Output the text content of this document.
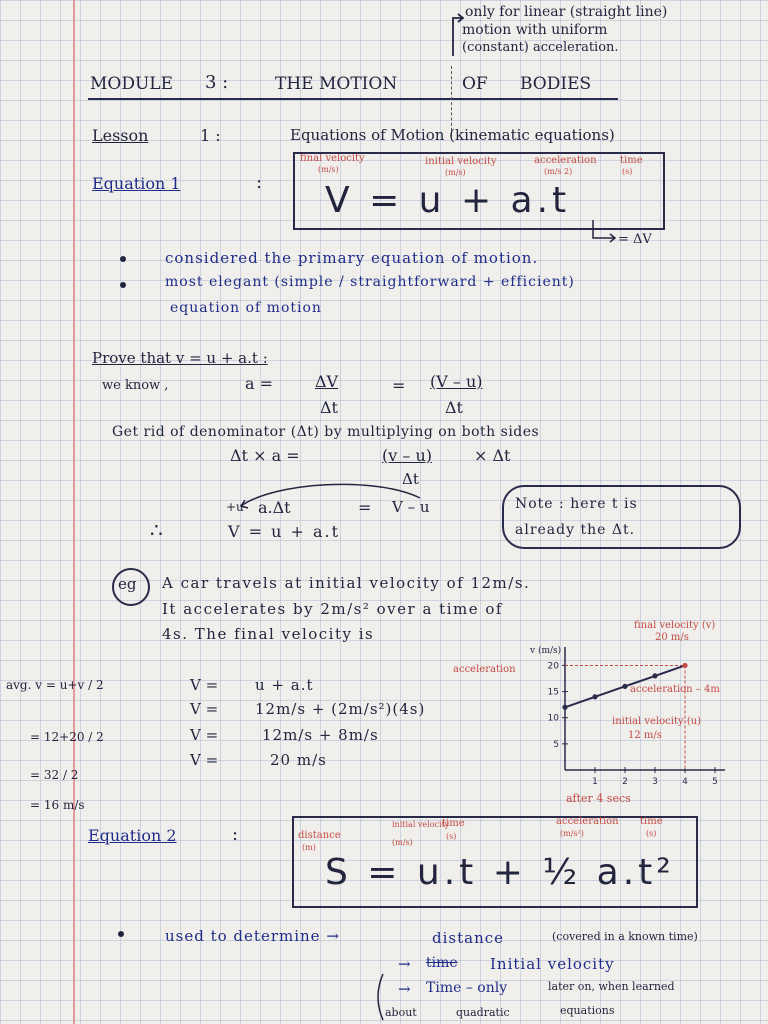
only for linear (straight line)
motion with uniform
(constant) acceleration.
MODULE 3 :	THE MOTION	OF BODIES
Lesson	1 :	Equations of Motion (kinematic equations)
Equation 1	:
final velocity
(m/s)
initial velocity
(m/s)
acceleration
(m/s 2)
time
(s)
V = u + a.t
= ΔV
considered the primary equation of motion.
most elegant (simple / straightforward + efficient)
equation of motion
Prove that v = u + a.t :
we know ,	a =	ΔV
Δt
= (V – u)
Δt
Get rid of denominator (Δt) by multiplying on both sides
Δt × a =	(v – u)
Δt
× Δt
+u a.Δt	= V – u
∴	V = u + a.t
Note : here t is
already the Δt.
eg A car travels at initial velocity of 12m/s.
It accelerates by 2m/s² over a time of
4s. The final velocity is
V = u + a.t
V = 12m/s + (2m/s²)(4s)
V =	12m/s + 8m/s
V =	20 m/s
avg. v = u+v / 2
= 12+20 / 2
= 32 / 2
= 16 m/s
1	2	3	4	5
5
10
15
20
v (m/s)
final velocity (v)
20 m/s
acceleration
acceleration – 4m
initial velocity (u)
12 m/s
after 4 secs
Equation 2	:	distance
(m)
initial velocity
(m/s)
time
(s)
acceleration
(m/s²)
time
(s)
S = u.t + ½ a.t²
used to determine →	distance	(covered in a known time)
→ time Initial velocity
→ Time – only	later on, when learned
about	quadratic	equations
